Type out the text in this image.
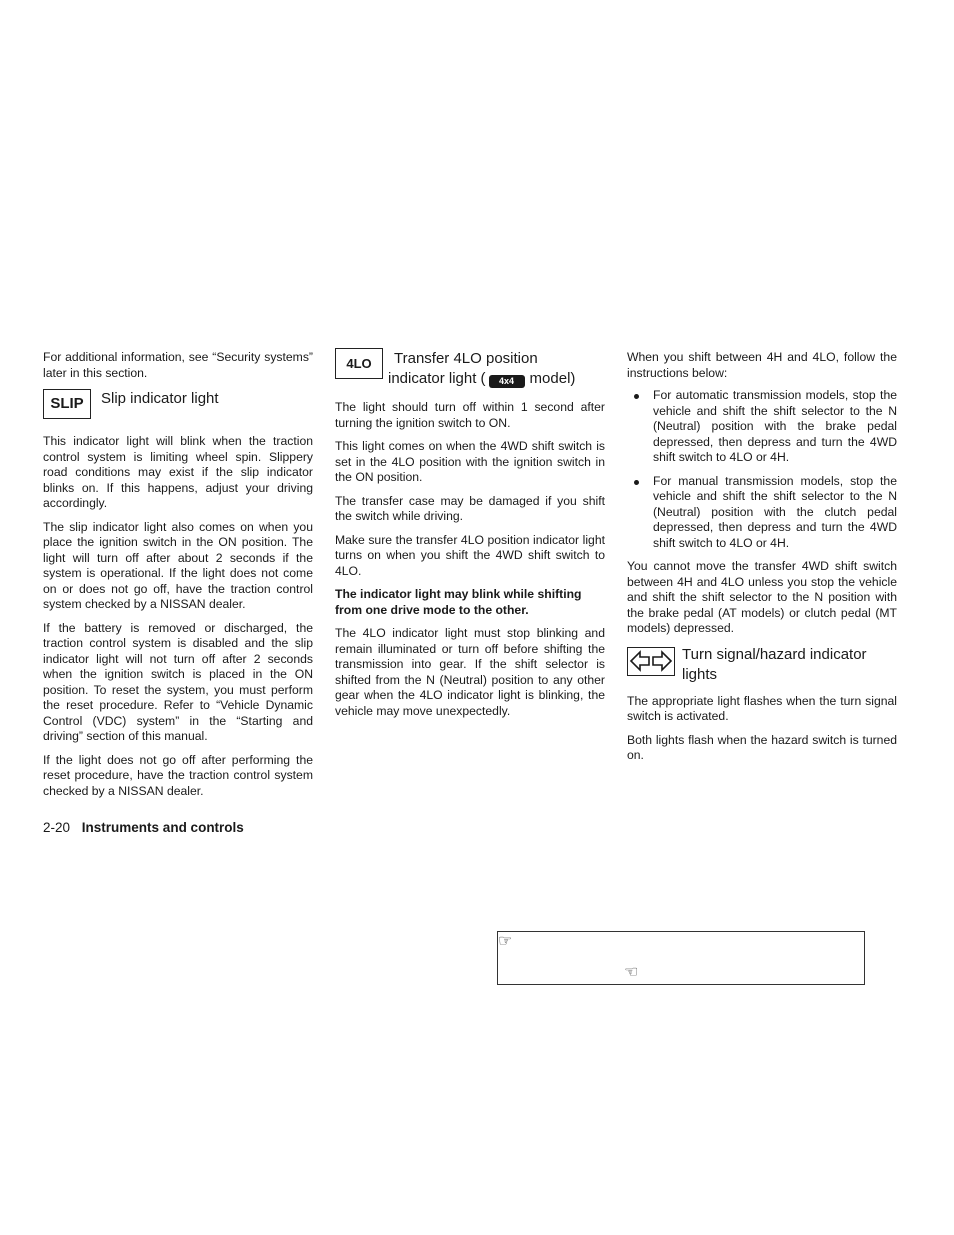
For additional information, see “Security systems” later in this section.

SLIP	Slip indicator light

This indicator light will blink when the traction control system is limiting wheel spin. Slippery road conditions may exist if the slip indicator blinks on. If this happens, adjust your driving accordingly.

The slip indicator light also comes on when you place the ignition switch in the ON position. The light will turn off after about 2 seconds if the system is operational. If the light does not come on or does not go off, have the traction control system checked by a NISSAN dealer.

If the battery is removed or discharged, the traction control system is disabled and the slip indicator light will not turn off after 2 seconds when the ignition switch is placed in the ON position. To reset the system, you must perform the reset procedure. Refer to “Vehicle Dynamic Control (VDC) system” in the “Starting and driving” section of this manual.

If the light does not go off after performing the reset procedure, have the traction control system checked by a NISSAN dealer.

4LO	Transfer 4LO position
indicator light ( 4x4 model)

The light should turn off within 1 second after turning the ignition switch to ON.

This light comes on when the 4WD shift switch is set in the 4LO position with the ignition switch in the ON position.

The transfer case may be damaged if you shift the switch while driving.

Make sure the transfer 4LO position indicator light turns on when you shift the 4WD shift switch to 4LO.

The indicator light may blink while shifting from one drive mode to the other.

The 4LO indicator light must stop blinking and remain illuminated or turn off before shifting the transmission into gear. If the shift selector is shifted from the N (Neutral) position to any other gear when the 4LO indicator light is blinking, the vehicle may move unexpectedly.

When you shift between 4H and 4LO, follow the instructions below:

For automatic transmission models, stop the vehicle and shift the shift selector to the N (Neutral) position with the brake pedal depressed, then depress and turn the 4WD shift switch to 4LO or 4H.
For manual transmission models, stop the vehicle and shift the shift selector to the N (Neutral) position with the clutch pedal depressed, then depress and turn the 4WD shift switch to 4LO or 4H.

You cannot move the transfer 4WD shift switch between 4H and 4LO unless you stop the vehicle and shift the shift selector to the N position with the brake pedal (AT models) or clutch pedal (MT models) depressed.

Turn signal/hazard indicator lights

The appropriate light flashes when the turn signal switch is activated.

Both lights flash when the hazard switch is turned on.

2-20 Instruments and controls
☞
☜
